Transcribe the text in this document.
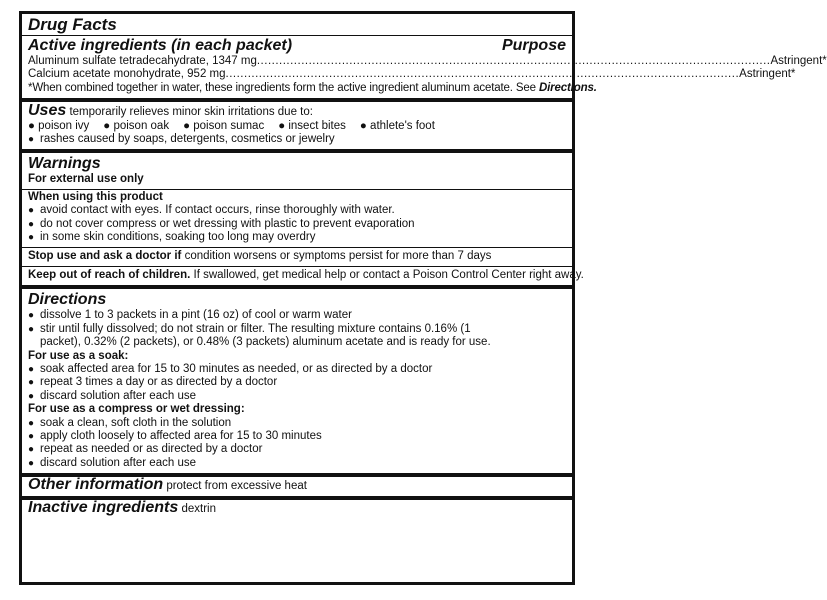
Drug Facts
Active ingredients (in each packet)	Purpose
Aluminum sulfate tetradecahydrate, 1347 mg ........................................................................................................................................... Astringent*
Calcium acetate monohydrate, 952 mg ........................................................................................................................................... Astringent*
*When combined together in water, these ingredients form the active ingredient aluminum acetate. See Directions.
Uses temporarily relieves minor skin irritations due to:
● poison ivy ● poison oak ● poison sumac ● insect bites ● athlete's foot
● rashes caused by soaps, detergents, cosmetics or jewelry
Warnings
For external use only
When using this product
● avoid contact with eyes. If contact occurs, rinse thoroughly with water.
● do not cover compress or wet dressing with plastic to prevent evaporation
● in some skin conditions, soaking too long may overdry
Stop use and ask a doctor if condition worsens or symptoms persist for more than 7 days
Keep out of reach of children. If swallowed, get medical help or contact a Poison Control Center right away.
Directions
● dissolve 1 to 3 packets in a pint (16 oz) of cool or warm water
● stir until fully dissolved; do not strain or filter. The resulting mixture contains 0.16% (1 packet), 0.32% (2 packets), or 0.48% (3 packets) aluminum acetate and is ready for use.
For use as a soak:
● soak affected area for 15 to 30 minutes as needed, or as directed by a doctor
● repeat 3 times a day or as directed by a doctor
● discard solution after each use
For use as a compress or wet dressing:
● soak a clean, soft cloth in the solution
● apply cloth loosely to affected area for 15 to 30 minutes
● repeat as needed or as directed by a doctor
● discard solution after each use
Other information protect from excessive heat
Inactive ingredients dextrin
